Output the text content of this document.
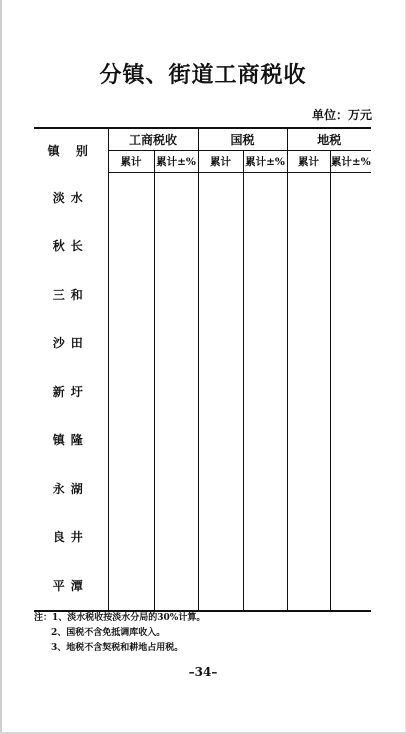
分镇、街道工商税收
单位：万元
镇 别	工商税收		国税		地税	
	累计	累计±%	累计	累计±%	累计	累计±%
淡水						
秋长						
三和						
沙田						
新圩						
镇隆						
永湖						
良井						
平潭						
注：1、淡水税收按淡水分局的30%计算。
2、国税不含免抵调库收入。
3、地税不含契税和耕地占用税。
–34–
